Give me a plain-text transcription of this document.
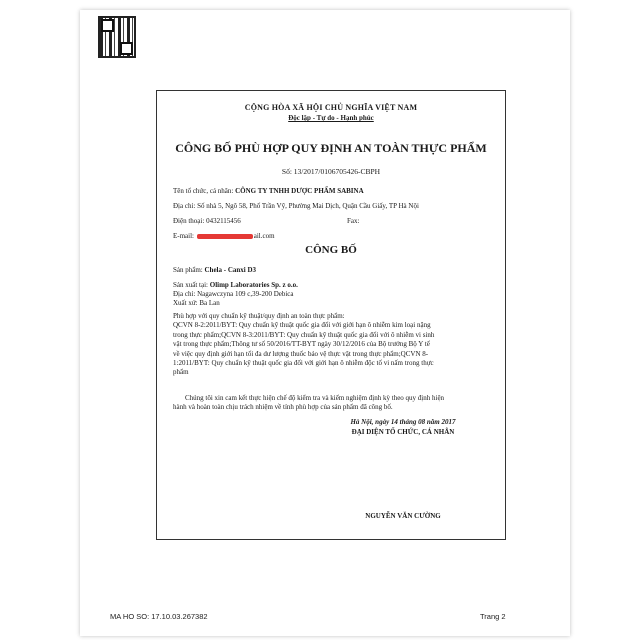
CỘNG HÒA XÃ HỘI CHỦ NGHĨA VIỆT NAM
Độc lập - Tự do - Hạnh phúc
CÔNG BỐ PHÙ HỢP QUY ĐỊNH AN TOÀN THỰC PHẨM
Số: 13/2017/0106705426-CBPH
Tên tổ chức, cá nhân: CÔNG TY TNHH DƯỢC PHẨM SABINA
Địa chỉ: Số nhà 5, Ngõ 58, Phố Trần Vỹ, Phường Mai Dịch, Quận Cầu Giấy, TP Hà Nội
Điện thoại: 0432115456	Fax:
E-mail:	ail.com
CÔNG BỐ
Sản phẩm: Chela - Canxi D3
Sản xuất tại: Olimp Laboratories Sp. z o.o.
Địa chỉ: Nagawczyna 109 c,39-200 Debica
Xuất xứ: Ba Lan
Phù hợp với quy chuẩn kỹ thuật/quy định an toàn thực phẩm:
QCVN 8-2:2011/BYT: Quy chuẩn kỹ thuật quốc gia đối với giới hạn ô nhiễm kim loại nặng
trong thực phẩm;QCVN 8-3:2011/BYT: Quy chuẩn kỹ thuật quốc gia đối với ô nhiễm vi sinh
vật trong thực phẩm;Thông tư số 50/2016/TT-BYT ngày 30/12/2016 của Bộ trưởng Bộ Y tế
về việc quy định giới hạn tối đa dư lượng thuốc bảo vệ thực vật trong thực phẩm;QCVN 8-
1:2011/BYT: Quy chuẩn kỹ thuật quốc gia đối với giới hạn ô nhiễm độc tố vi nấm trong thực
phẩm
Chúng tôi xin cam kết thực hiện chế độ kiểm tra và kiểm nghiệm định kỳ theo quy định hiện
hành và hoàn toàn chịu trách nhiệm về tính phù hợp của sản phẩm đã công bố.
Hà Nội, ngày 14 tháng 08 năm 2017
ĐẠI DIỆN TỔ CHỨC, CÁ NHÂN
NGUYỄN VĂN CƯỜNG
MA HO SO: 17.10.03.267382	Trang 2
